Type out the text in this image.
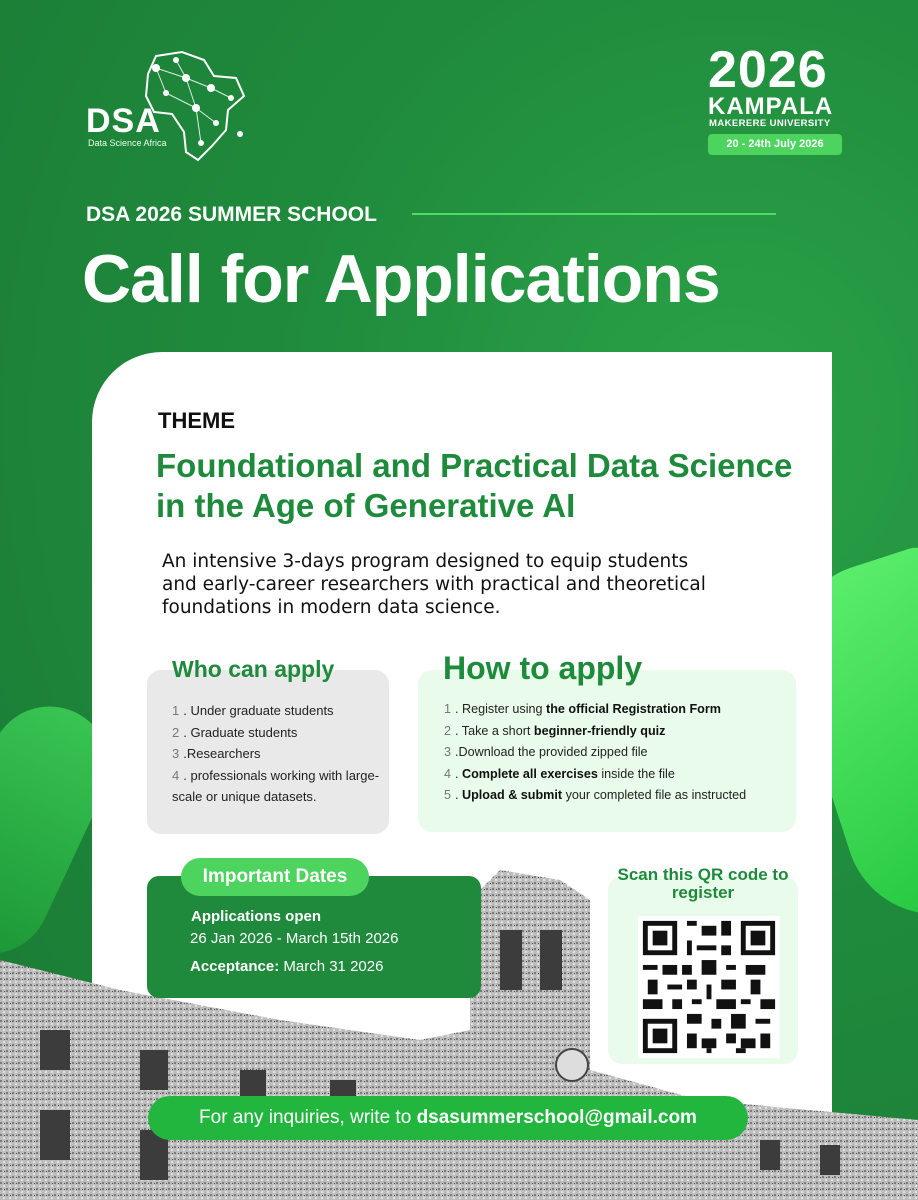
DSA
Data Science Africa
2026
KAMPALA
MAKERERE UNIVERSITY
20 - 24th July 2026
DSA 2026 SUMMER SCHOOL
Call for Applications
THEME
Foundational and Practical Data Science in the Age of Generative AI
An intensive 3-days program designed to equip students and early-career researchers with practical and theoretical foundations in modern data science.
Who can apply
1 . Under graduate students
2 . Graduate students
3 .Researchers
4 . professionals working with large-scale or unique datasets.
How to apply
1 . Register using the official Registration Form
2 . Take a short beginner-friendly quiz
3 .Download the provided zipped file
4 . Complete all exercises inside the file
5 . Upload & submit your completed file as instructed
Important Dates
Applications open
26 Jan 2026 - March 15th 2026
Acceptance: March 31 2026
Scan this QR code to register
For any inquiries, write to dsasummerschool@gmail.com
